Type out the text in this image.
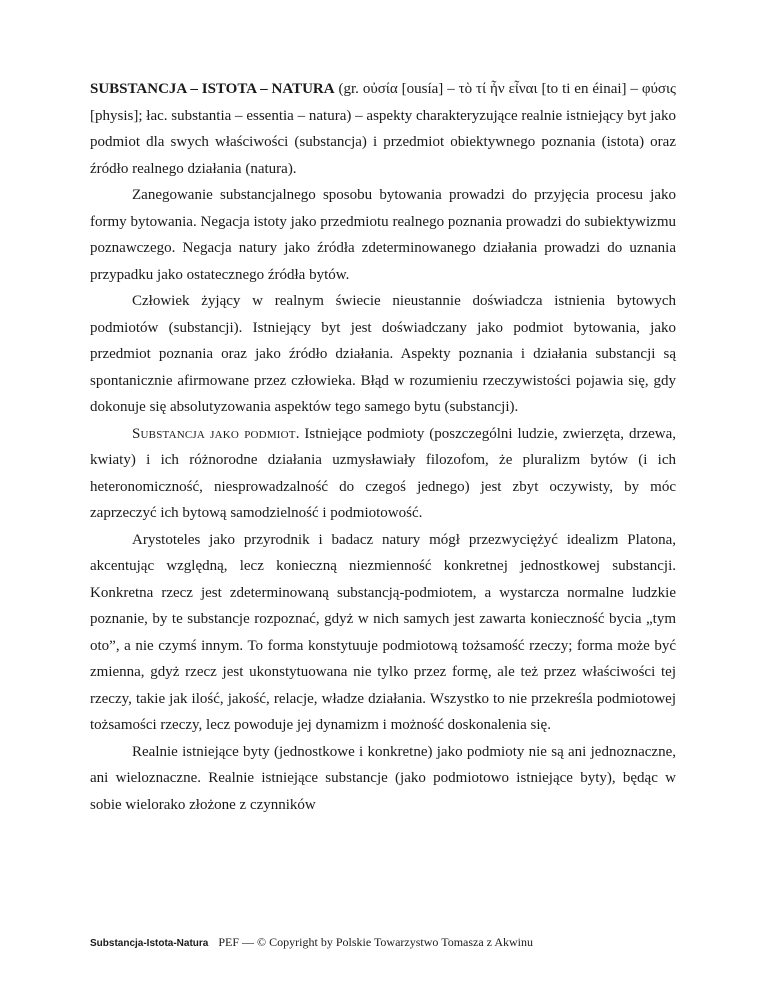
SUBSTANCJA – ISTOTA – NATURA (gr. οὐσία [ousía] – τὸ τί ἦν εἶναι [to ti en éinai] – φύσις [physis]; łac. substantia – essentia – natura) – aspekty charakteryzujące realnie istniejący byt jako podmiot dla swych właściwości (substancja) i przedmiot obiektywnego poznania (istota) oraz źródło realnego działania (natura).

Zanegowanie substancjalnego sposobu bytowania prowadzi do przyjęcia procesu jako formy bytowania. Negacja istoty jako przedmiotu realnego poznania prowadzi do subiektywizmu poznawczego. Negacja natury jako źródła zdeterminowanego działania prowadzi do uznania przypadku jako ostatecznego źródła bytów.

Człowiek żyjący w realnym świecie nieustannie doświadcza istnienia bytowych podmiotów (substancji). Istniejący byt jest doświadczany jako podmiot bytowania, jako przedmiot poznania oraz jako źródło działania. Aspekty poznania i działania substancji są spontanicznie afirmowane przez człowieka. Błąd w rozumieniu rzeczywistości pojawia się, gdy dokonuje się absolutyzowania aspektów tego samego bytu (substancji).

Substancja jako podmiot. Istniejące podmioty (poszczególni ludzie, zwierzęta, drzewa, kwiaty) i ich różnorodne działania uzmysławiały filozofom, że pluralizm bytów (i ich heteronomiczność, niesprowadzalność do czegoś jednego) jest zbyt oczywisty, by móc zaprzeczyć ich bytową samodzielność i podmiotowość.

Arystoteles jako przyrodnik i badacz natury mógł przezwyciężyć idealizm Platona, akcentując względną, lecz konieczną niezmienność konkretnej jednostkowej substancji. Konkretna rzecz jest zdeterminowaną substancją-podmiotem, a wystarcza normalne ludzkie poznanie, by te substancje rozpoznać, gdyż w nich samych jest zawarta konieczność bycia „tym oto”, a nie czymś innym. To forma konstytuuje podmiotową tożsamość rzeczy; forma może być zmienna, gdyż rzecz jest ukonstytuowana nie tylko przez formę, ale też przez właściwości tej rzeczy, takie jak ilość, jakość, relacje, władze działania. Wszystko to nie przekreśla podmiotowej tożsamości rzeczy, lecz powoduje jej dynamizm i możność doskonalenia się.

Realnie istniejące byty (jednostkowe i konkretne) jako podmioty nie są ani jednoznaczne, ani wieloznaczne. Realnie istniejące substancje (jako podmiotowo istniejące byty), będąc w sobie wielorako złożone z czynników

Substancja-Istota-Natura PEF — © Copyright by Polskie Towarzystwo Tomasza z Akwinu
